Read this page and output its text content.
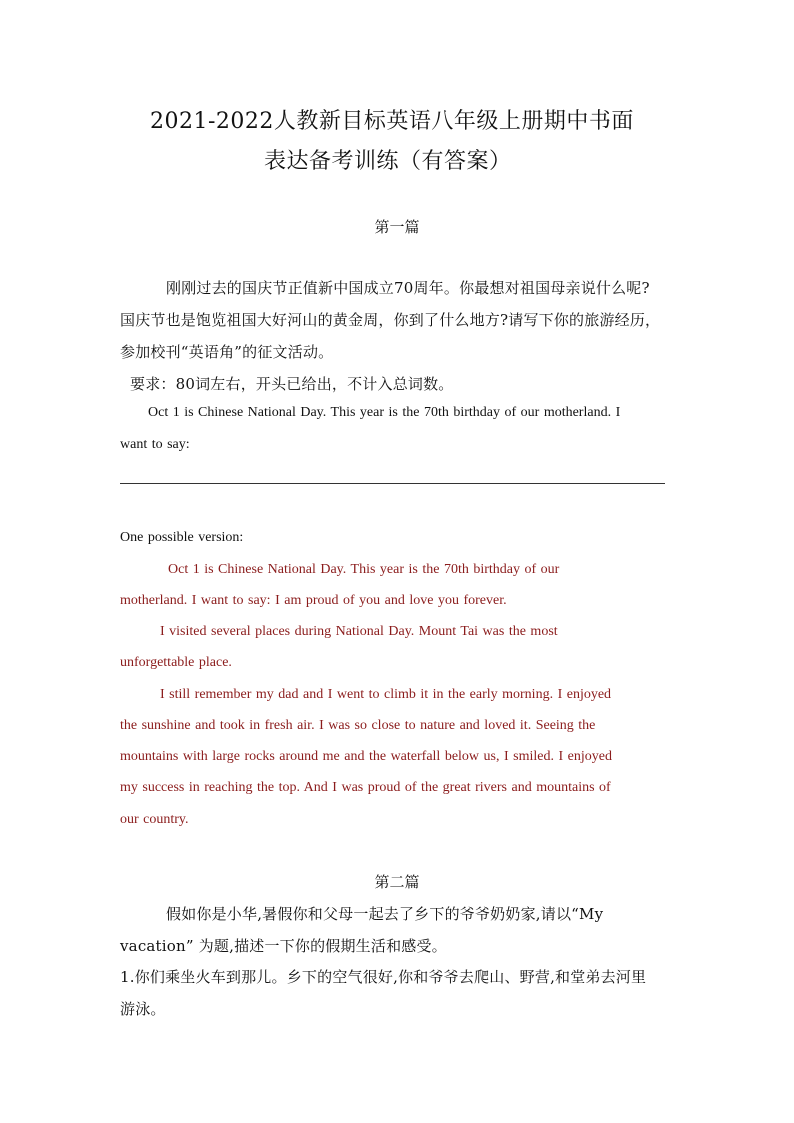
2021-2022人教新目标英语八年级上册期中书面
表达备考训练（有答案）
第一篇
刚刚过去的国庆节正值新中国成立70周年。你最想对祖国母亲说什么呢?
国庆节也是饱览祖国大好河山的黄金周，你到了什么地方?请写下你的旅游经历，
参加校刊“英语角”的征文活动。
要求：80词左右，开头已给出，不计入总词数。
Oct 1 is Chinese National Day. This year is the 70th birthday of our motherland. I
want to say:
One possible version:
Oct 1 is Chinese National Day. This year is the 70th birthday of our
motherland. I want to say: I am proud of you and love you forever.
I visited several places during National Day. Mount Tai was the most
unforgettable place.
I still remember my dad and I went to climb it in the early morning. I enjoyed
the sunshine and took in fresh air. I was so close to nature and loved it. Seeing the
mountains with large rocks around me and the waterfall below us, I smiled. I enjoyed
my success in reaching the top. And I was proud of the great rivers and mountains of
our country.
第二篇
假如你是小华,暑假你和父母一起去了乡下的爷爷奶奶家,请以“My
vacation” 为题,描述一下你的假期生活和感受。
1.你们乘坐火车到那儿。乡下的空气很好,你和爷爷去爬山、野营,和堂弟去河里
游泳。
